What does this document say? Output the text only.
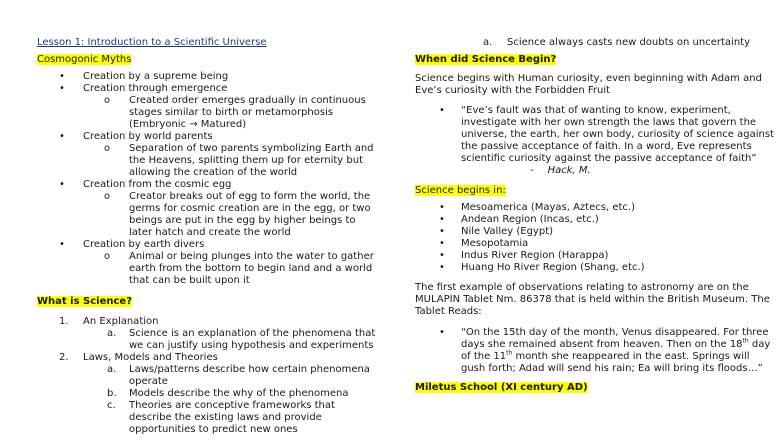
Lesson 1: Introduction to a Scientific Universe

Cosmogonic Myths

• Creation by a supreme being
• Creation through emergence
o Created order emerges gradually in continuous stages similar to birth or metamorphosis (Embryonic → Matured)
• Creation by world parents
o Separation of two parents symbolizing Earth and the Heavens, splitting them up for eternity but allowing the creation of the world
• Creation from the cosmic egg
o Creator breaks out of egg to form the world, the germs for cosmic creation are in the egg, or two beings are put in the egg by higher beings to later hatch and create the world
• Creation by earth divers
o Animal or being plunges into the water to gather earth from the bottom to begin land and a world that can be built upon it

What is Science?

1. An Explanation
a. Science is an explanation of the phenomena that we can justify using hypothesis and experiments
2. Laws, Models and Theories
a. Laws/patterns describe how certain phenomena operate
b. Models describe the why of the phenomena
c. Theories are conceptive frameworks that describe the existing laws and provide opportunities to predict new ones
a. Science always casts new doubts on uncertainty

When did Science Begin?

Science begins with Human curiosity, even beginning with Adam and Eve’s curiosity with the Forbidden Fruit

• “Eve’s fault was that of wanting to know, experiment, investigate with her own strength the laws that govern the universe, the earth, her own body, curiosity of science against the passive acceptance of faith. In a word, Eve represents scientific curiosity against the passive acceptance of faith”
- Hack, M.

Science begins in:

• Mesoamerica (Mayas, Aztecs, etc.)
• Andean Region (Incas, etc.)
• Nile Valley (Egypt)
• Mesopotamia
• Indus River Region (Harappa)
• Huang Ho River Region (Shang, etc.)

The first example of observations relating to astronomy are on the MULAPIN Tablet Nm. 86378 that is held within the British Museum. The Tablet Reads:

• “On the 15th day of the month, Venus disappeared. For three days she remained absent from heaven. Then on the 18th day of the 11th month she reappeared in the east. Springs will gush forth; Adad will send his rain; Ea will bring its floods…”

Miletus School (XI century AD)
